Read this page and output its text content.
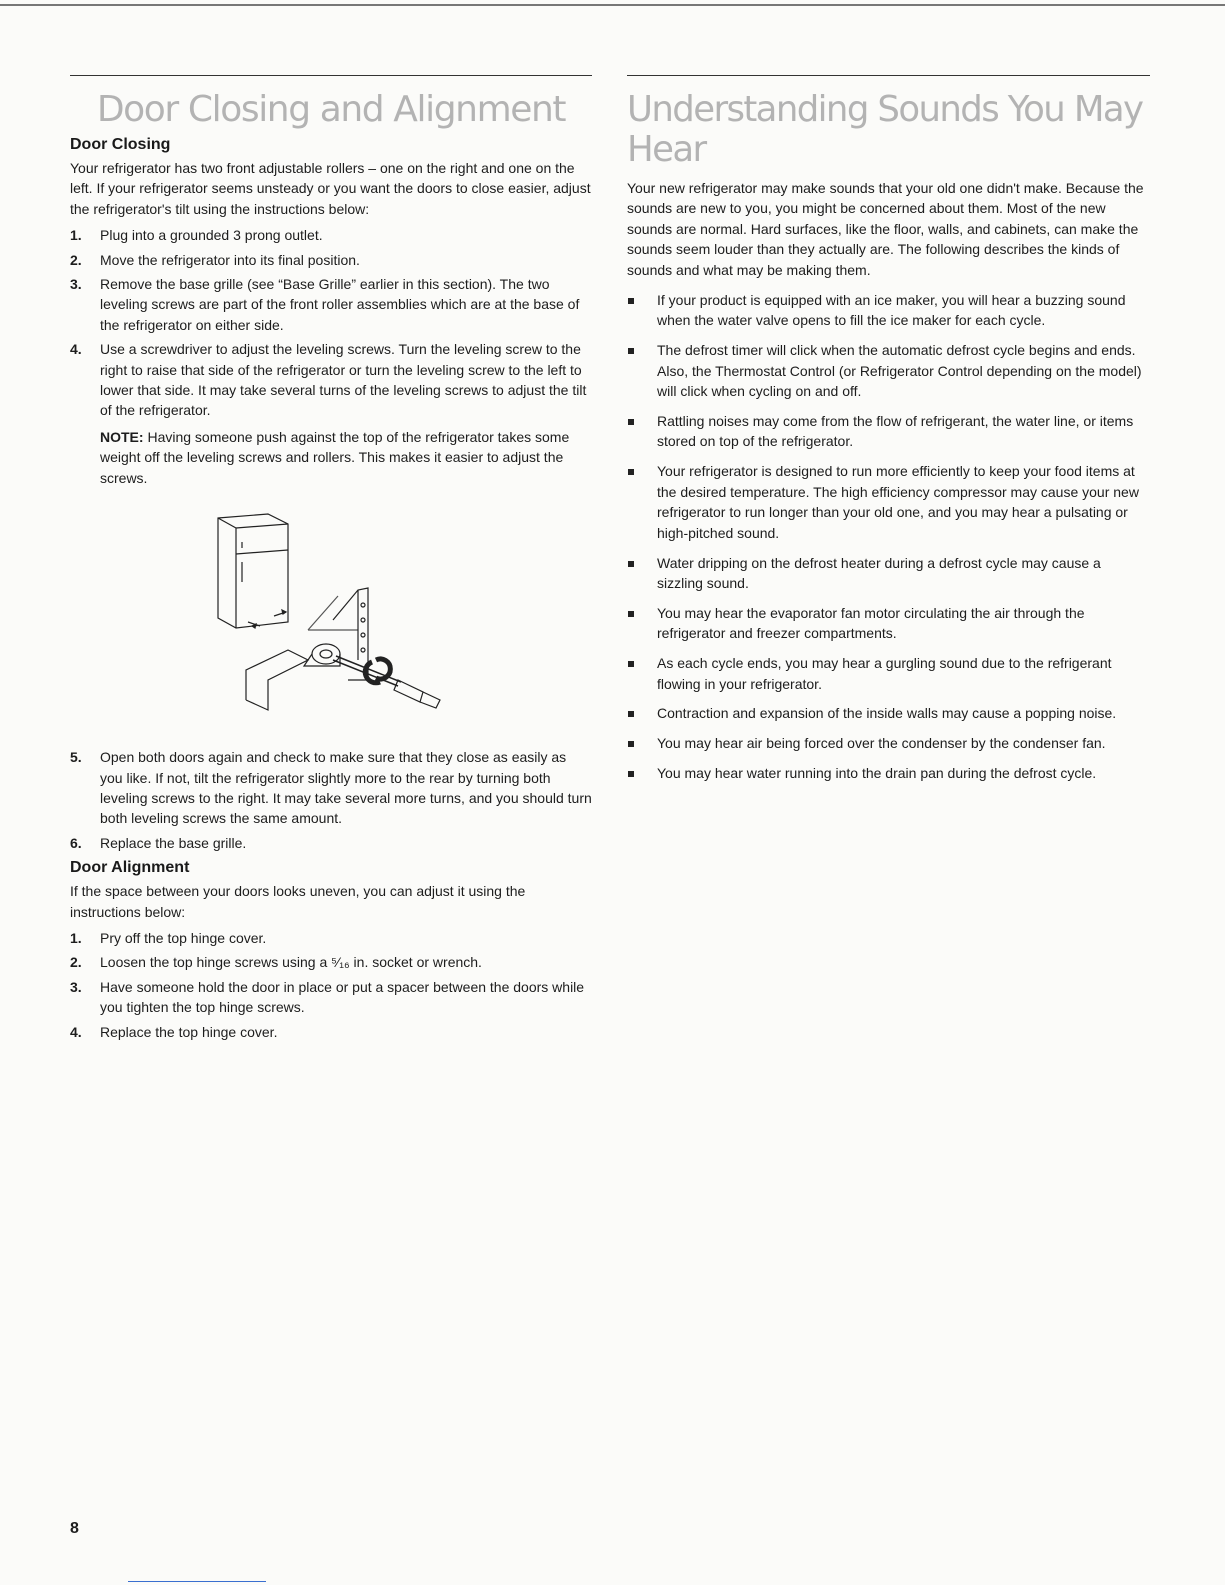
Door Closing and Alignment
Door Closing

Your refrigerator has two front adjustable rollers – one on the right and one on the left. If your refrigerator seems unsteady or you want the doors to close easier, adjust the refrigerator's tilt using the instructions below:

1. Plug into a grounded 3 prong outlet.
2. Move the refrigerator into its final position.
3. Remove the base grille (see “Base Grille” earlier in this section). The two leveling screws are part of the front roller assemblies which are at the base of the refrigerator on either side.
4. Use a screwdriver to adjust the leveling screws. Turn the leveling screw to the right to raise that side of the refrigerator or turn the leveling screw to the left to lower that side. It may take several turns of the leveling screws to adjust the tilt of the refrigerator.
NOTE: Having someone push against the top of the refrigerator takes some weight off the leveling screws and rollers. This makes it easier to adjust the screws.
5. Open both doors again and check to make sure that they close as easily as you like. If not, tilt the refrigerator slightly more to the rear by turning both leveling screws to the right. It may take several more turns, and you should turn both leveling screws the same amount.
6. Replace the base grille.
Door Alignment

If the space between your doors looks uneven, you can adjust it using the instructions below:

1. Pry off the top hinge cover.
2. Loosen the top hinge screws using a ⁵⁄₁₆ in. socket or wrench.
3. Have someone hold the door in place or put a spacer between the doors while you tighten the top hinge screws.
4. Replace the top hinge cover.
Understanding Sounds You May Hear

Your new refrigerator may make sounds that your old one didn't make. Because the sounds are new to you, you might be concerned about them. Most of the new sounds are normal. Hard surfaces, like the floor, walls, and cabinets, can make the sounds seem louder than they actually are. The following describes the kinds of sounds and what may be making them.

If your product is equipped with an ice maker, you will hear a buzzing sound when the water valve opens to fill the ice maker for each cycle.
The defrost timer will click when the automatic defrost cycle begins and ends. Also, the Thermostat Control (or Refrigerator Control depending on the model) will click when cycling on and off.
Rattling noises may come from the flow of refrigerant, the water line, or items stored on top of the refrigerator.
Your refrigerator is designed to run more efficiently to keep your food items at the desired temperature. The high efficiency compressor may cause your new refrigerator to run longer than your old one, and you may hear a pulsating or high-pitched sound.
Water dripping on the defrost heater during a defrost cycle may cause a sizzling sound.
You may hear the evaporator fan motor circulating the air through the refrigerator and freezer compartments.
As each cycle ends, you may hear a gurgling sound due to the refrigerant flowing in your refrigerator.
Contraction and expansion of the inside walls may cause a popping noise.
You may hear air being forced over the condenser by the condenser fan.
You may hear water running into the drain pan during the defrost cycle.
8
